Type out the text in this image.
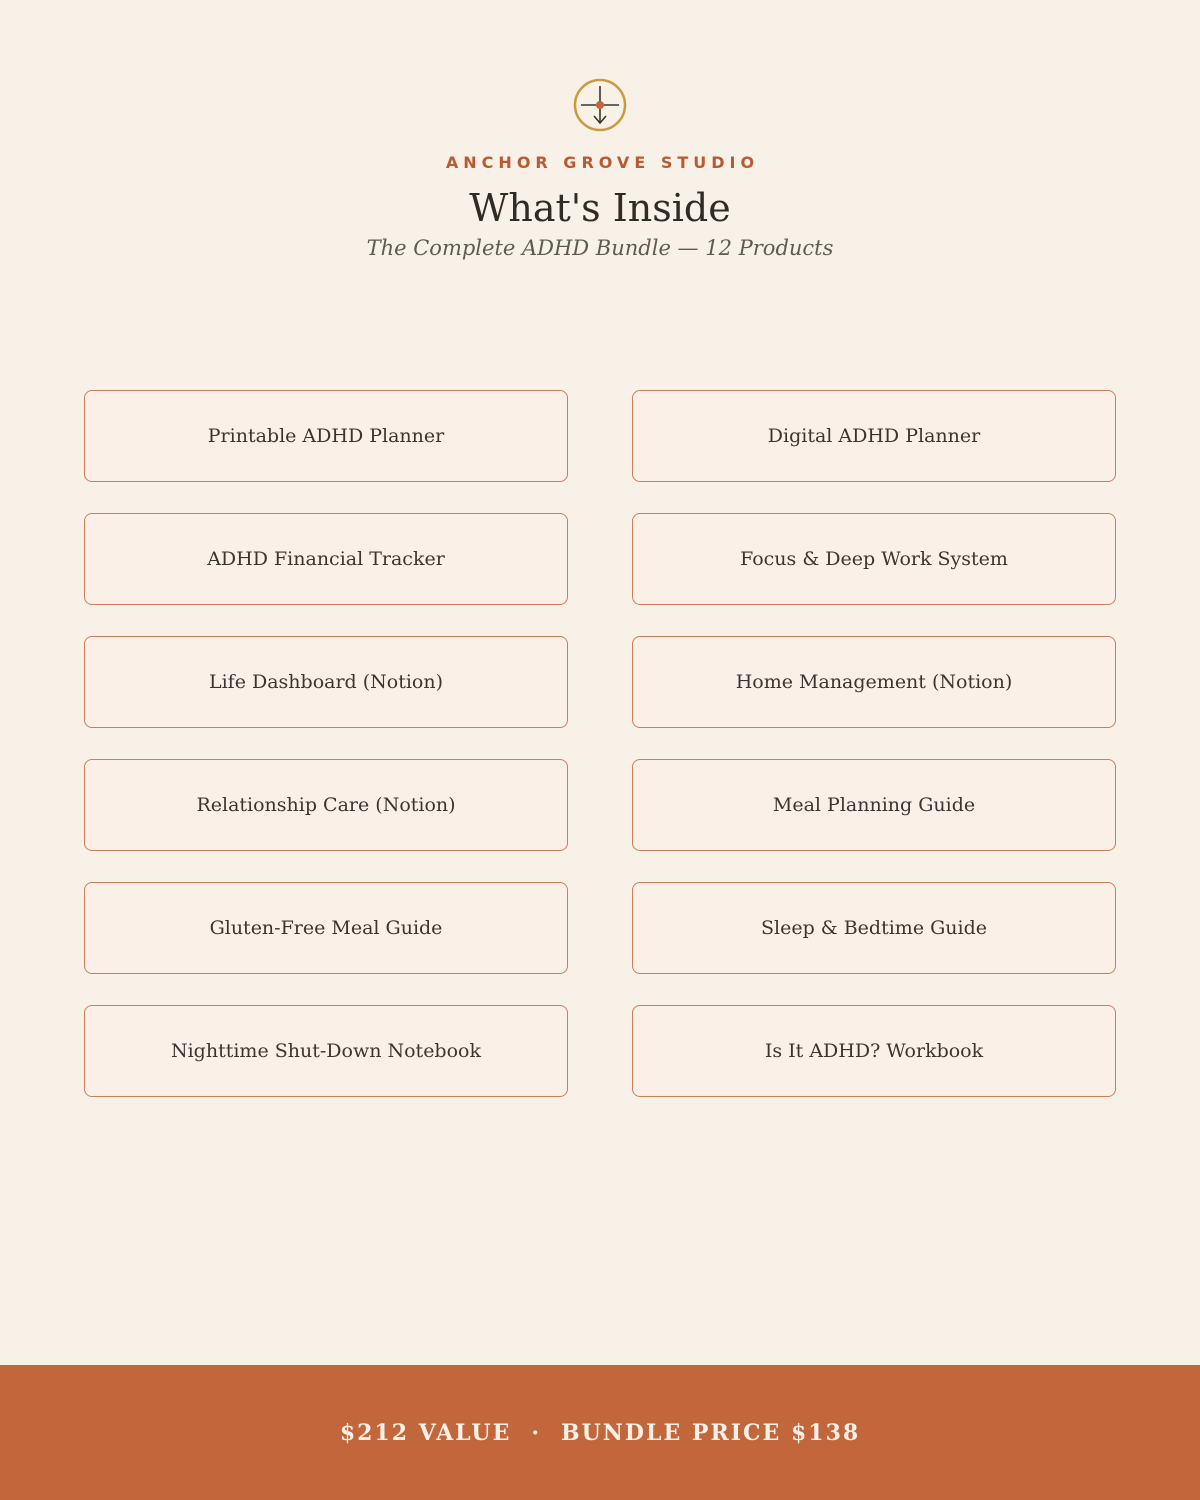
ANCHOR GROVE STUDIO
What's Inside
The Complete ADHD Bundle — 12 Products
Printable ADHD Planner	Digital ADHD Planner
ADHD Financial Tracker	Focus & Deep Work System
Life Dashboard (Notion)	Home Management (Notion)
Relationship Care (Notion)	Meal Planning Guide
Gluten-Free Meal Guide	Sleep & Bedtime Guide
Nighttime Shut-Down Notebook	Is It ADHD? Workbook
$212 VALUE · BUNDLE PRICE $138
